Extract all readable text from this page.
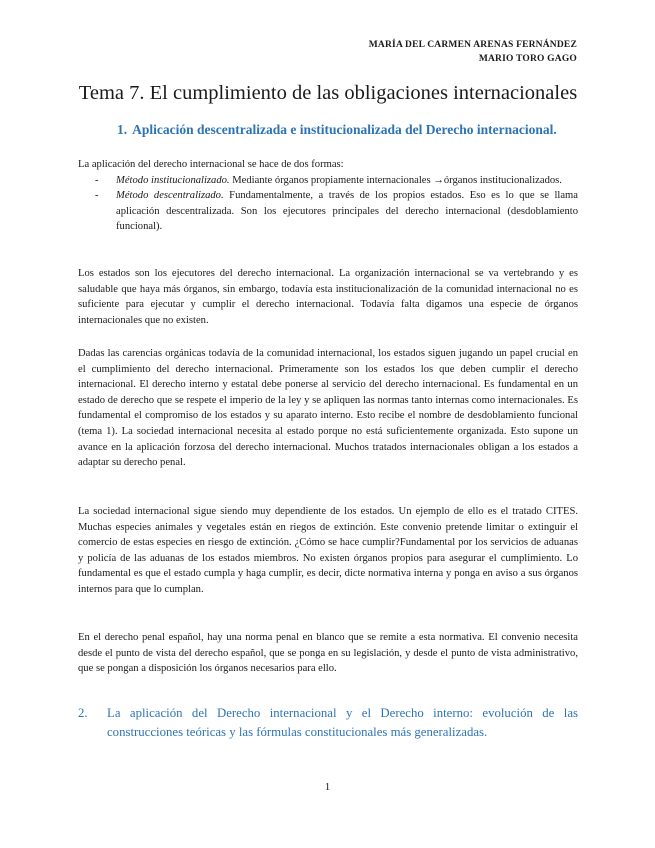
MARÍA DEL CARMEN ARENAS FERNÁNDEZ
MARIO TORO GAGO
Tema 7. El cumplimiento de las obligaciones internacionales
1. Aplicación descentralizada e institucionalizada del Derecho internacional.

La aplicación del derecho internacional se hace de dos formas:

- Método institucionalizado. Mediante órganos propiamente internacionales →órganos institucionalizados.
- Método descentralizado. Fundamentalmente, a través de los propios estados. Eso es lo que se llama aplicación descentralizada. Son los ejecutores principales del derecho internacional (desdoblamiento funcional).

Los estados son los ejecutores del derecho internacional. La organización internacional se va vertebrando y es saludable que haya más órganos, sin embargo, todavía esta institucionalización de la comunidad internacional no es suficiente para ejecutar y cumplir el derecho internacional. Todavía falta digamos una especie de órganos internacionales que no existen.

Dadas las carencias orgánicas todavía de la comunidad internacional, los estados siguen jugando un papel crucial en el cumplimiento del derecho internacional. Primeramente son los estados los que deben cumplir el derecho internacional. El derecho interno y estatal debe ponerse al servicio del derecho internacional. Es fundamental en un estado de derecho que se respete el imperio de la ley y se apliquen las normas tanto internas como internacionales. Es fundamental el compromiso de los estados y su aparato interno. Esto recibe el nombre de desdoblamiento funcional (tema 1). La sociedad internacional necesita al estado porque no está suficientemente organizada. Esto supone un avance en la aplicación forzosa del derecho internacional. Muchos tratados internacionales obligan a los estados a adaptar su derecho penal.

La sociedad internacional sigue siendo muy dependiente de los estados. Un ejemplo de ello es el tratado CITES. Muchas especies animales y vegetales están en riegos de extinción. Este convenio pretende limitar o extinguir el comercio de estas especies en riesgo de extinción. ¿Cómo se hace cumplir?Fundamental por los servicios de aduanas y policía de las aduanas de los estados miembros. No existen órganos propios para asegurar el cumplimiento. Lo fundamental es que el estado cumpla y haga cumplir, es decir, dicte normativa interna y ponga en aviso a sus órganos internos para que lo cumplan.

En el derecho penal español, hay una norma penal en blanco que se remite a esta normativa. El convenio necesita desde el punto de vista del derecho español, que se ponga en su legislación, y desde el punto de vista administrativo, que se pongan a disposición los órganos necesarios para ello.

2.	La aplicación del Derecho internacional y el Derecho interno: evolución de las construcciones teóricas y las fórmulas constitucionales más generalizadas.
1
